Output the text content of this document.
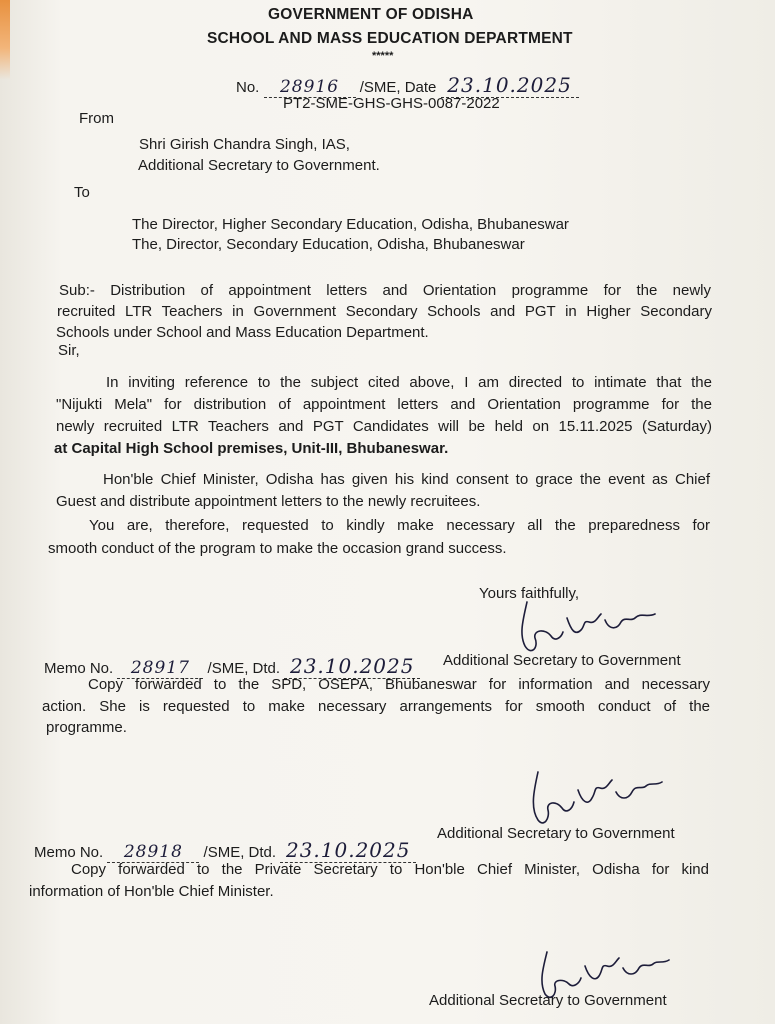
GOVERNMENT OF ODISHA
SCHOOL AND MASS EDUCATION DEPARTMENT
*****
No. 28916 /SME, Date 23.10.2025
PT2-SME-GHS-GHS-0087-2022
From
Shri Girish Chandra Singh, IAS,
Additional Secretary to Government.
To
The Director, Higher Secondary Education, Odisha, Bhubaneswar
The, Director, Secondary Education, Odisha, Bhubaneswar
Sub:- Distribution of appointment letters and Orientation programme for the newly
recruited LTR Teachers in Government Secondary Schools and PGT in Higher Secondary
Schools under School and Mass Education Department.
Sir,
In inviting reference to the subject cited above, I am directed to intimate that the
"Nijukti Mela" for distribution of appointment letters and Orientation programme for the
newly recruited LTR Teachers and PGT Candidates will be held on 15.11.2025 (Saturday)
at Capital High School premises, Unit-III, Bhubaneswar.
Hon'ble Chief Minister, Odisha has given his kind consent to grace the event as Chief
Guest and distribute appointment letters to the newly recruitees.
You are, therefore, requested to kindly make necessary all the preparedness for
smooth conduct of the program to make the occasion grand success.
Yours faithfully,
Additional Secretary to Government
Memo No. 28917 /SME, Dtd. 23.10.2025
Copy forwarded to the SPD, OSEPA, Bhubaneswar for information and necessary
action. She is requested to make necessary arrangements for smooth conduct of the
programme.
Additional Secretary to Government
Memo No. 28918 /SME, Dtd. 23.10.2025
Copy forwarded to the Private Secretary to Hon'ble Chief Minister, Odisha for kind
information of Hon'ble Chief Minister.
Additional Secretary to Government
